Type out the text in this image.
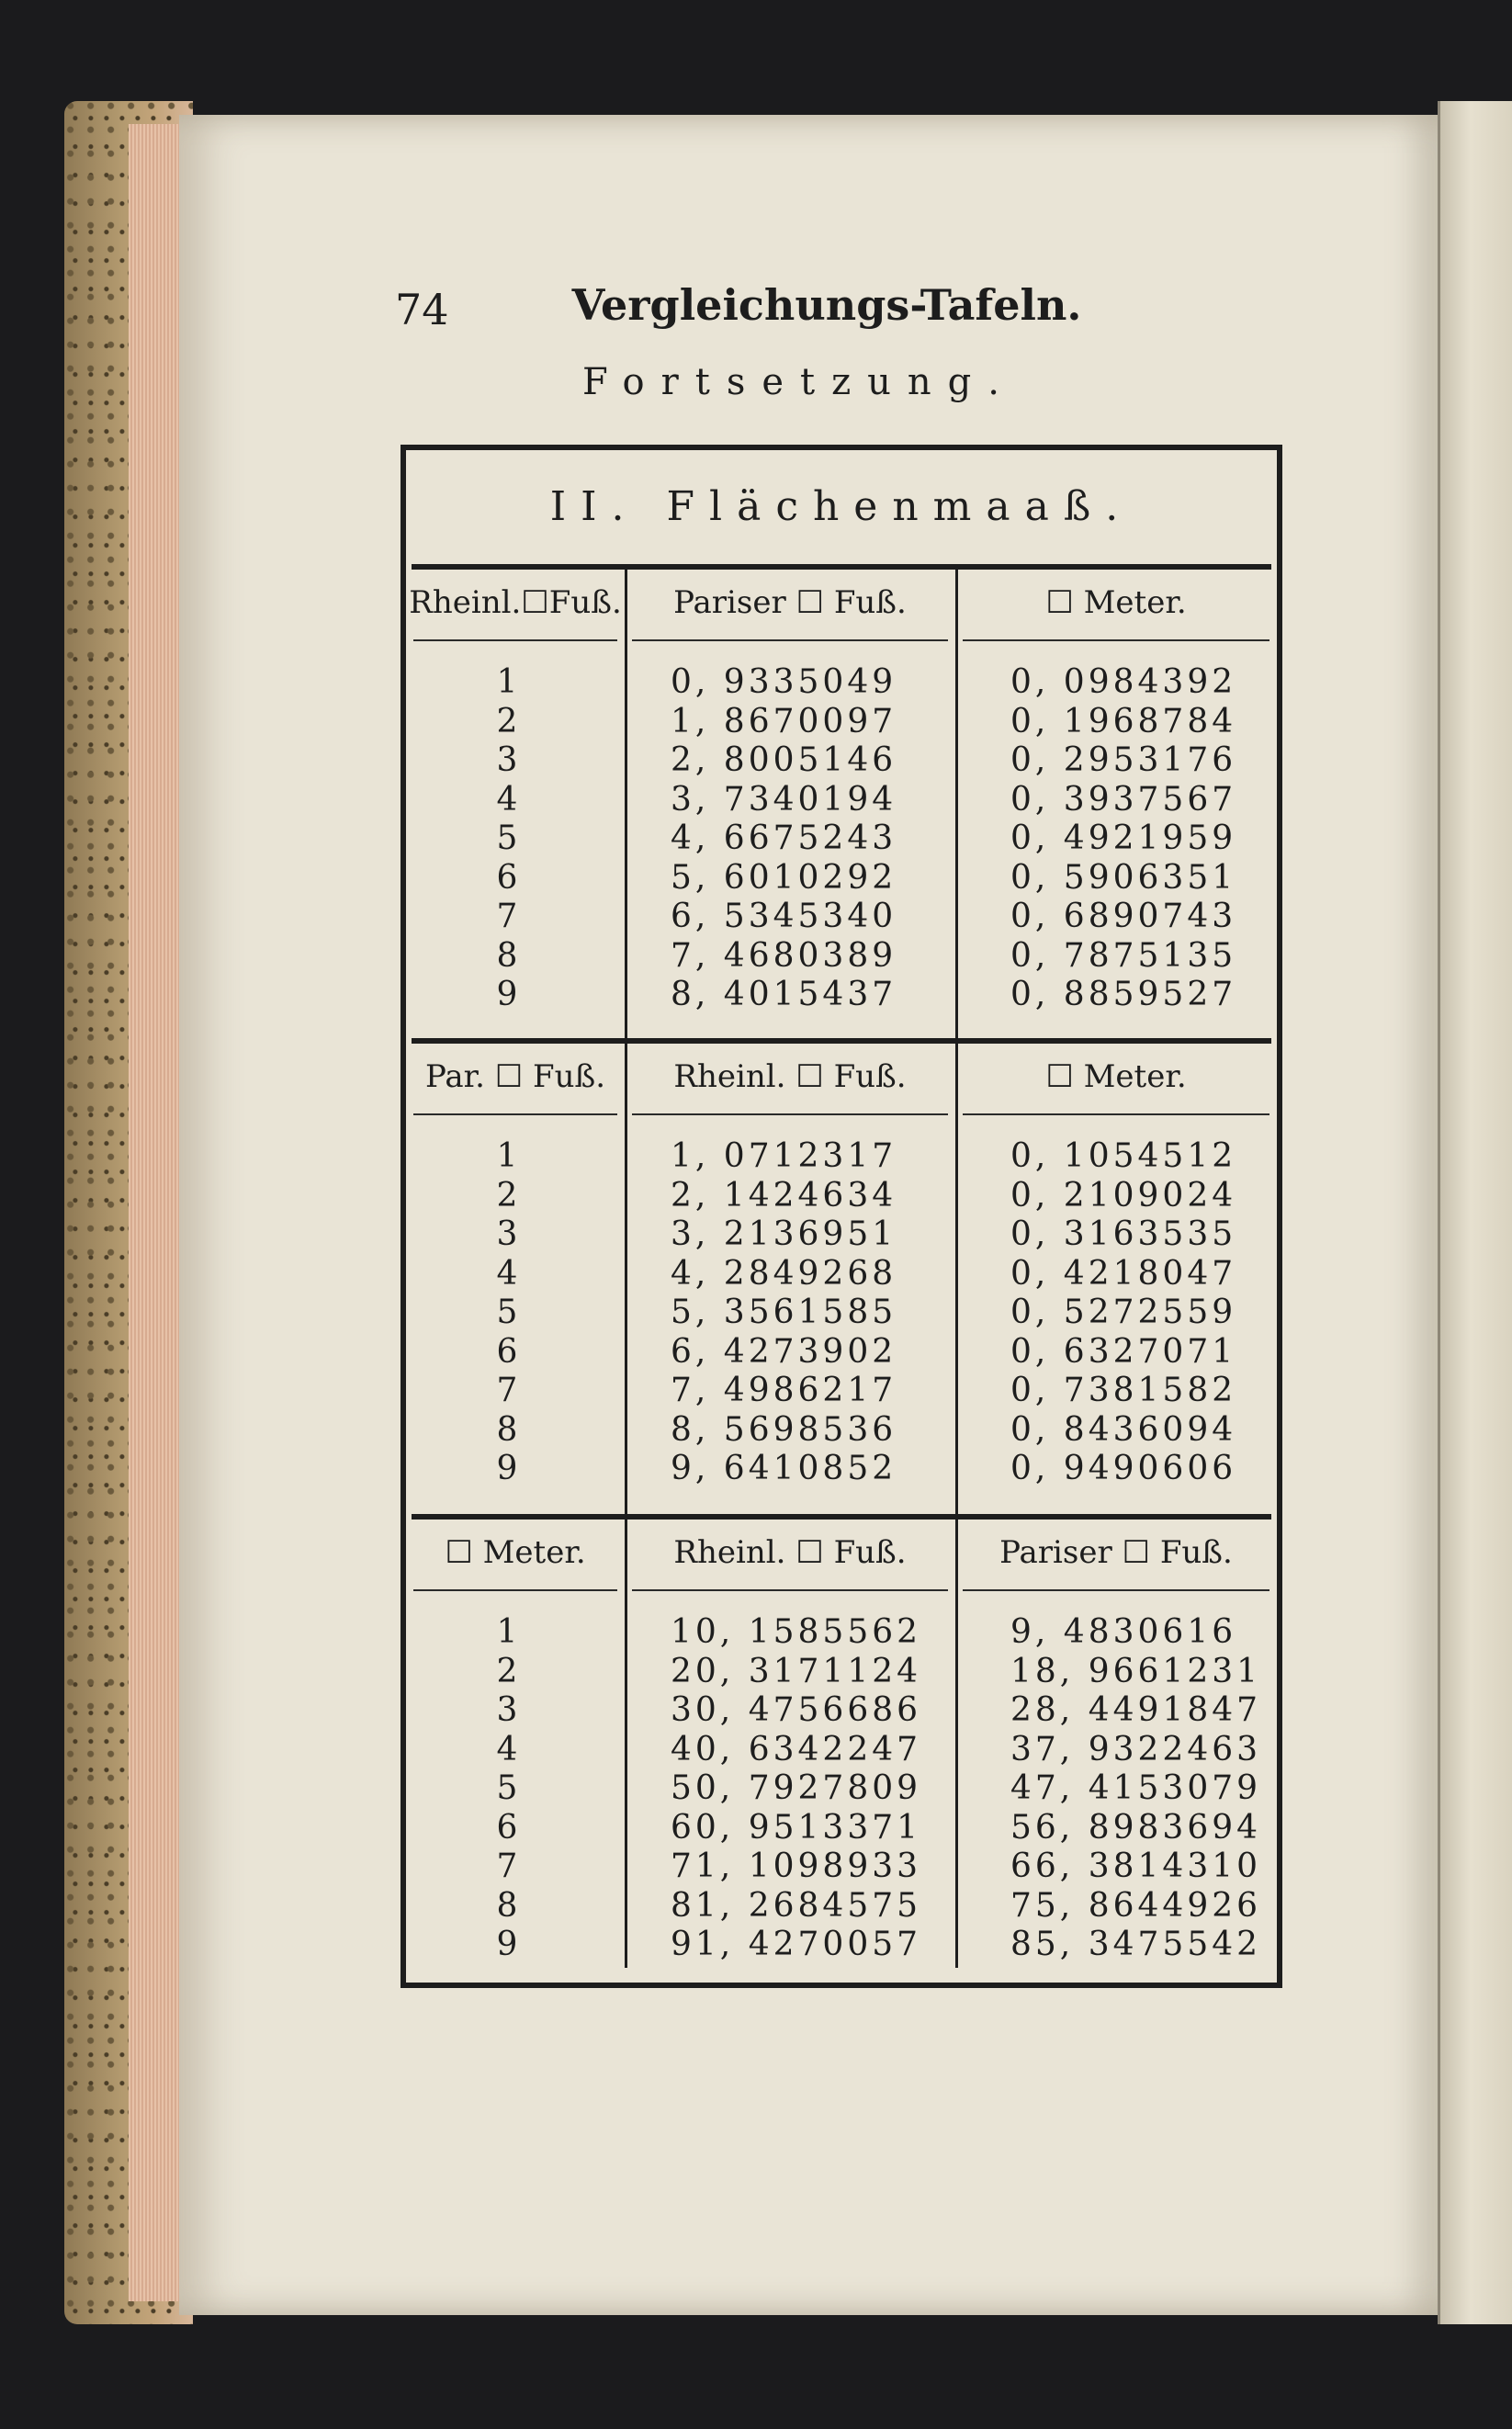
74	Vergleichungs-Tafeln.
Fortsetzung.
II. Flächenmaaß.
Rheinl.☐Fuß.	Pariser ☐ Fuß.	☐ Meter.
1	0, 9335049	0, 0984392
2	1, 8670097	0, 1968784
3	2, 8005146	0, 2953176
4	3, 7340194	0, 3937567
5	4, 6675243	0, 4921959
6	5, 6010292	0, 5906351
7	6, 5345340	0, 6890743
8	7, 4680389	0, 7875135
9	8, 4015437	0, 8859527
Par. ☐ Fuß.	Rheinl. ☐ Fuß.	☐ Meter.
1	1, 0712317	0, 1054512
2	2, 1424634	0, 2109024
3	3, 2136951	0, 3163535
4	4, 2849268	0, 4218047
5	5, 3561585	0, 5272559
6	6, 4273902	0, 6327071
7	7, 4986217	0, 7381582
8	8, 5698536	0, 8436094
9	9, 6410852	0, 9490606
☐ Meter.	Rheinl. ☐ Fuß.	Pariser ☐ Fuß.
1	10, 1585562	9, 4830616
2	20, 3171124	18, 9661231
3	30, 4756686	28, 4491847
4	40, 6342247	37, 9322463
5	50, 7927809	47, 4153079
6	60, 9513371	56, 8983694
7	71, 1098933	66, 3814310
8	81, 2684575	75, 8644926
9	91, 4270057	85, 3475542
